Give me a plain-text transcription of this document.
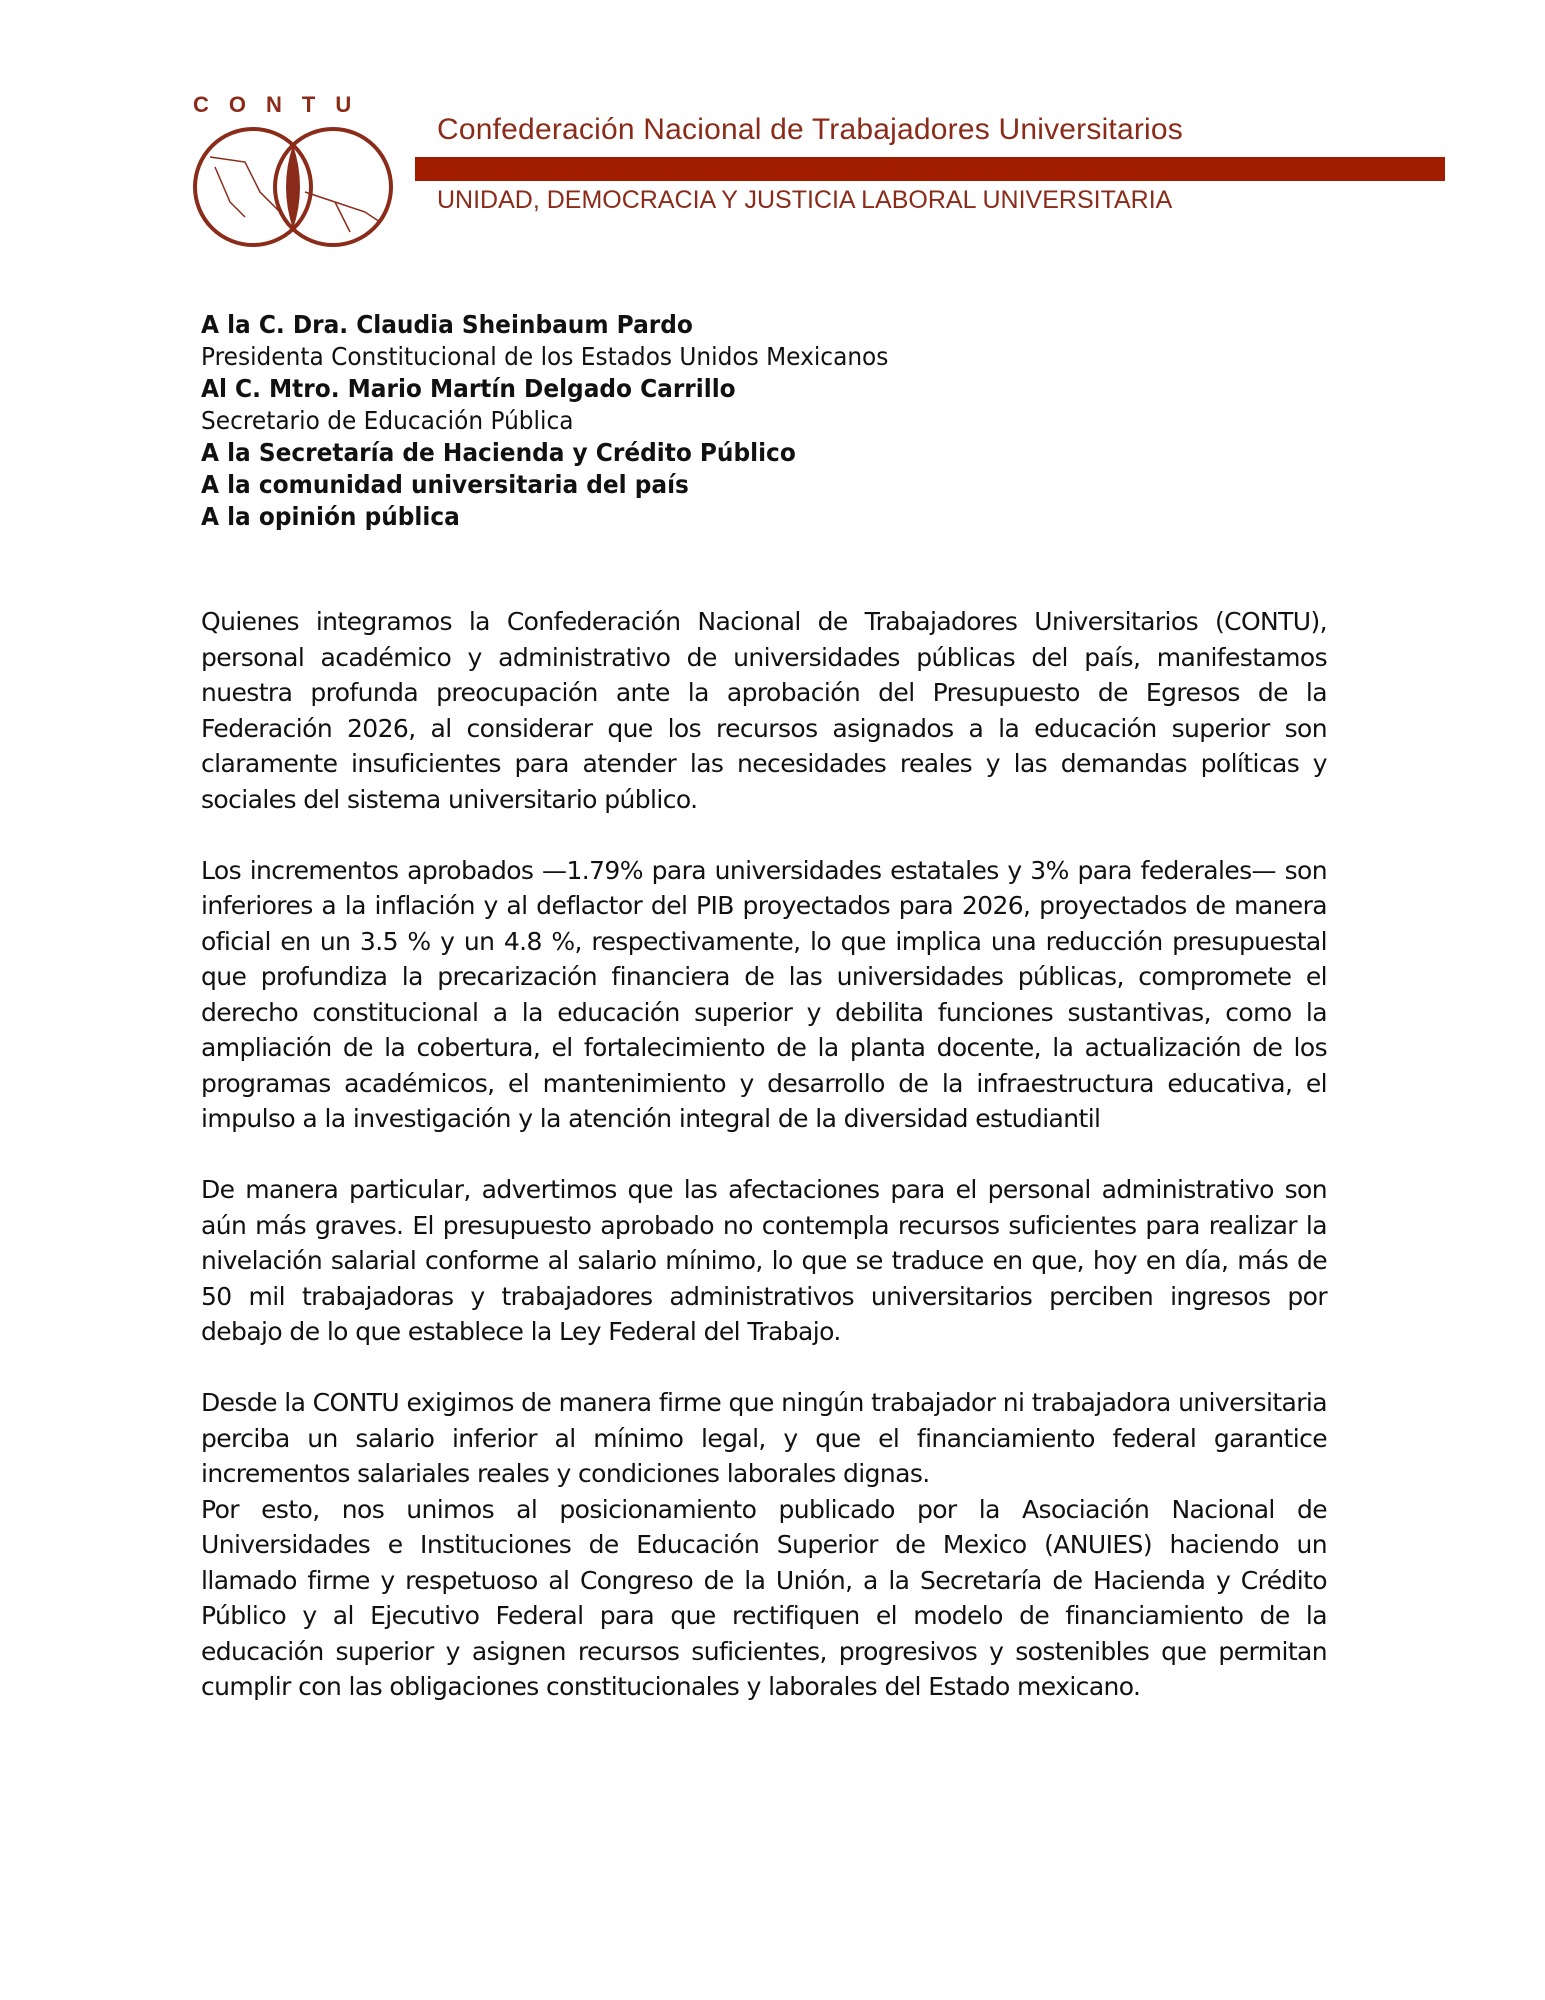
CONTU
Confederación Nacional de Trabajadores Universitarios
UNIDAD, DEMOCRACIA Y JUSTICIA LABORAL UNIVERSITARIA
A la C. Dra. Claudia Sheinbaum Pardo
Presidenta Constitucional de los Estados Unidos Mexicanos
Al C. Mtro. Mario Martín Delgado Carrillo
Secretario de Educación Pública
A la Secretaría de Hacienda y Crédito Público
A la comunidad universitaria del país
A la opinión pública

Quienes integramos la Confederación Nacional de Trabajadores Universitarios (CONTU), personal académico y administrativo de universidades públicas del país, manifestamos nuestra profunda preocupación ante la aprobación del Presupuesto de Egresos de la Federación 2026, al considerar que los recursos asignados a la educación superior son claramente insuficientes para atender las necesidades reales y las demandas políticas y sociales del sistema universitario público.

Los incrementos aprobados —1.79% para universidades estatales y 3% para federales— son inferiores a la inflación y al deflactor del PIB proyectados para 2026, proyectados de manera oficial en un 3.5 % y un 4.8 %, respectivamente, lo que implica una reducción presupuestal que profundiza la precarización financiera de las universidades públicas, compromete el derecho constitucional a la educación superior y debilita funciones sustantivas, como la ampliación de la cobertura, el fortalecimiento de la planta docente, la actualización de los programas académicos, el mantenimiento y desarrollo de la infraestructura educativa, el impulso a la investigación y la atención integral de la diversidad estudiantil

De manera particular, advertimos que las afectaciones para el personal administrativo son aún más graves. El presupuesto aprobado no contempla recursos suficientes para realizar la nivelación salarial conforme al salario mínimo, lo que se traduce en que, hoy en día, más de 50 mil trabajadoras y trabajadores administrativos universitarios perciben ingresos por debajo de lo que establece la Ley Federal del Trabajo.

Desde la CONTU exigimos de manera firme que ningún trabajador ni trabajadora universitaria perciba un salario inferior al mínimo legal, y que el financiamiento federal garantice incrementos salariales reales y condiciones laborales dignas.

Por esto, nos unimos al posicionamiento publicado por la Asociación Nacional de Universidades e Instituciones de Educación Superior de Mexico (ANUIES) haciendo un llamado firme y respetuoso al Congreso de la Unión, a la Secretaría de Hacienda y Crédito Público y al Ejecutivo Federal para que rectifiquen el modelo de financiamiento de la educación superior y asignen recursos suficientes, progresivos y sostenibles que permitan cumplir con las obligaciones constitucionales y laborales del Estado mexicano.
